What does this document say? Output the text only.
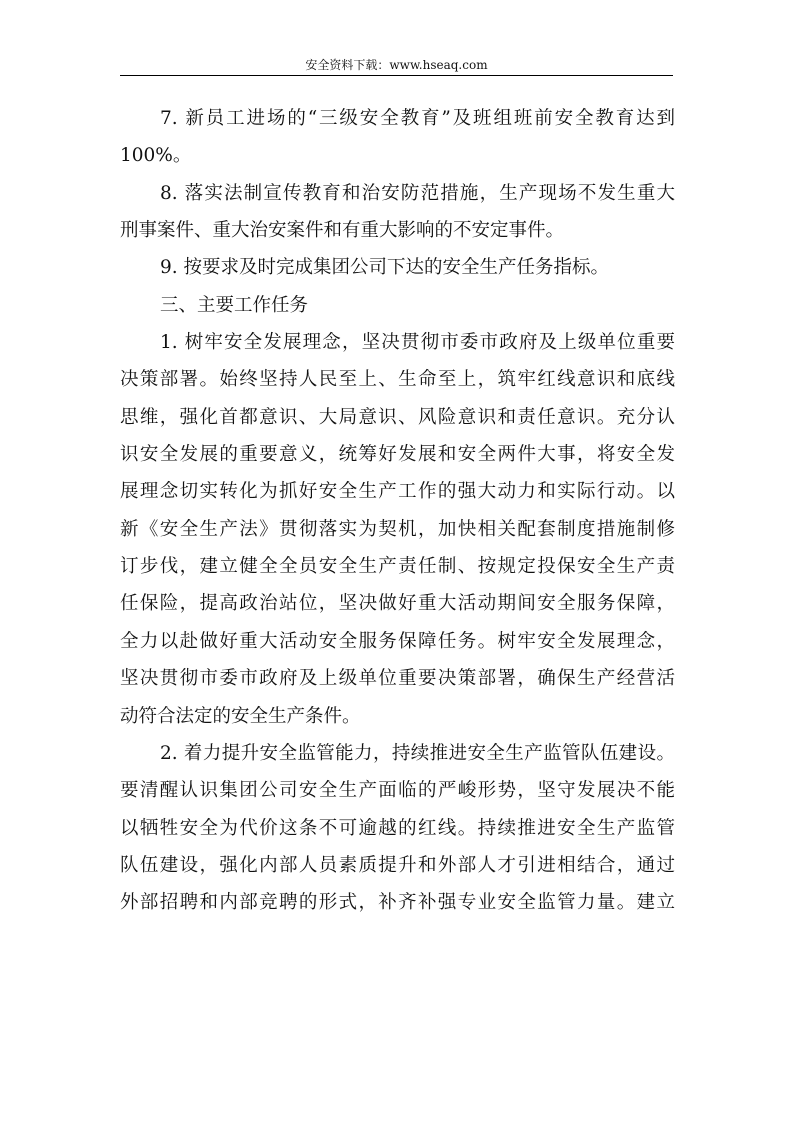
安全资料下载：www.hseaq.com
7. 新员工进场的“三级安全教育”及班组班前安全教育达到
100%。
8. 落实法制宣传教育和治安防范措施，生产现场不发生重大
刑事案件、重大治安案件和有重大影响的不安定事件。
9. 按要求及时完成集团公司下达的安全生产任务指标。
三、主要工作任务
1. 树牢安全发展理念，坚决贯彻市委市政府及上级单位重要
决策部署。始终坚持人民至上、生命至上，筑牢红线意识和底线
思维，强化首都意识、大局意识、风险意识和责任意识。充分认
识安全发展的重要意义，统筹好发展和安全两件大事，将安全发
展理念切实转化为抓好安全生产工作的强大动力和实际行动。以
新《安全生产法》贯彻落实为契机，加快相关配套制度措施制修
订步伐，建立健全全员安全生产责任制、按规定投保安全生产责
任保险，提高政治站位，坚决做好重大活动期间安全服务保障，
全力以赴做好重大活动安全服务保障任务。树牢安全发展理念，
坚决贯彻市委市政府及上级单位重要决策部署，确保生产经营活
动符合法定的安全生产条件。
2. 着力提升安全监管能力，持续推进安全生产监管队伍建设。
要清醒认识集团公司安全生产面临的严峻形势，坚守发展决不能
以牺牲安全为代价这条不可逾越的红线。持续推进安全生产监管
队伍建设，强化内部人员素质提升和外部人才引进相结合，通过
外部招聘和内部竞聘的形式，补齐补强专业安全监管力量。建立
